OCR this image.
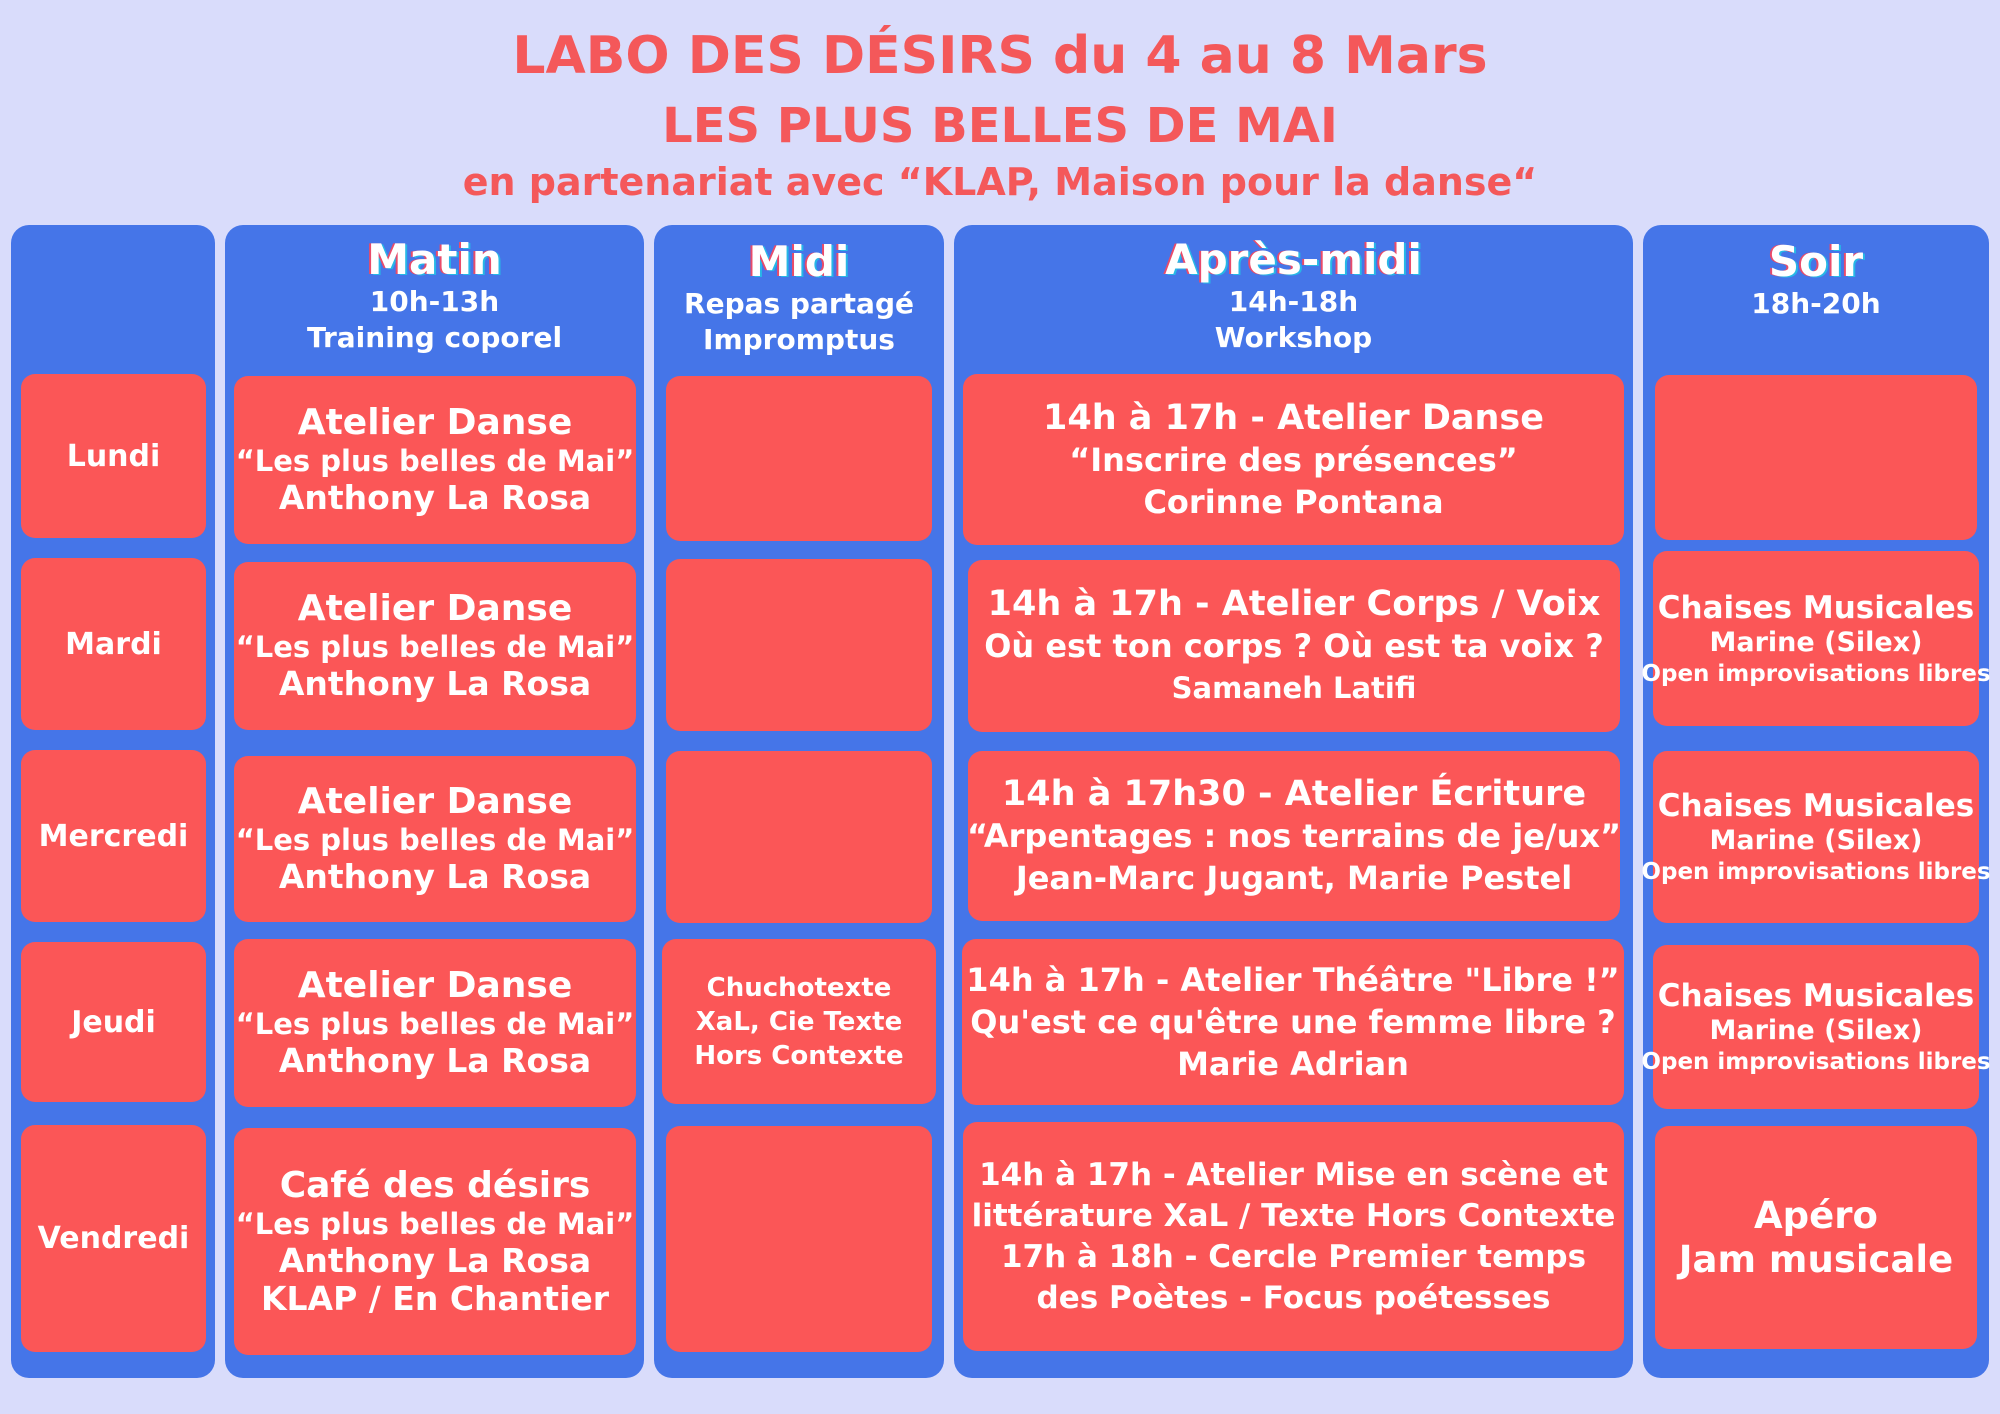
LABO DES DÉSIRS du 4 au 8 Mars
LES PLUS BELLES DE MAI
en partenariat avec “KLAP, Maison pour la danse“
Lundi
Mardi
Mercredi
Jeudi
Vendredi
Matin
10h-13h
Training coporel
Atelier Danse
“Les plus belles de Mai”
Anthony La Rosa
Atelier Danse
“Les plus belles de Mai”
Anthony La Rosa
Atelier Danse
“Les plus belles de Mai”
Anthony La Rosa
Atelier Danse
“Les plus belles de Mai”
Anthony La Rosa
Café des désirs
“Les plus belles de Mai”
Anthony La Rosa
KLAP / En Chantier
Midi
Repas partagé
Impromptus
Chuchotexte
XaL, Cie Texte
Hors Contexte
Après-midi
14h-18h
Workshop
14h à 17h - Atelier Danse
“Inscrire des présences”
Corinne Pontana
14h à 17h - Atelier Corps / Voix
Où est ton corps ? Où est ta voix ?
Samaneh Latifi
14h à 17h30 - Atelier Écriture
“Arpentages : nos terrains de je/ux”
Jean-Marc Jugant, Marie Pestel
14h à 17h - Atelier Théâtre "Libre !”
Qu'est ce qu'être une femme libre ?
Marie Adrian
14h à 17h - Atelier Mise en scène et
littérature XaL / Texte Hors Contexte
17h à 18h - Cercle Premier temps
des Poètes - Focus poétesses
Soir
18h-20h
Chaises Musicales
Marine (Silex)
Open improvisations libres
Chaises Musicales
Marine (Silex)
Open improvisations libres
Chaises Musicales
Marine (Silex)
Open improvisations libres
Apéro
Jam musicale
